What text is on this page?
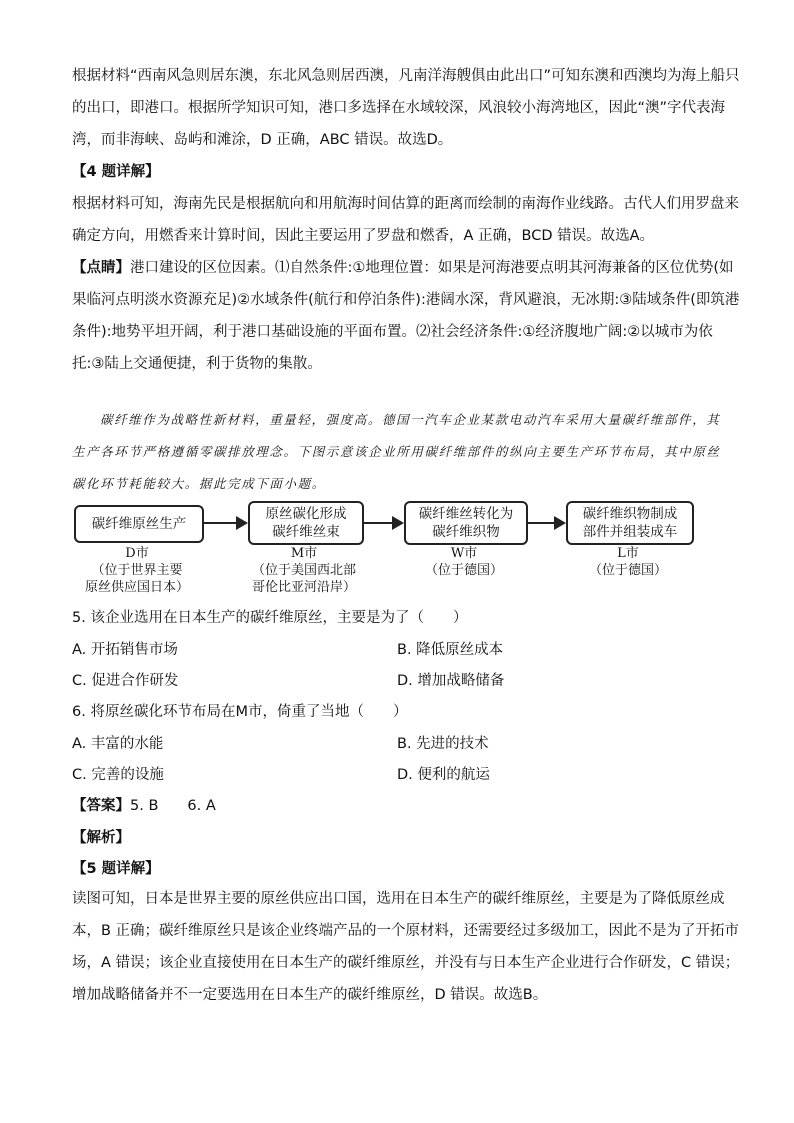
根据材料“西南风急则居东澳，东北风急则居西澳，凡南洋海艘俱由此出口”可知东澳和西澳均为海上船只
的出口，即港口。根据所学知识可知，港口多选择在水域较深，风浪较小海湾地区，因此“澳”字代表海
湾，而非海峡、岛屿和滩涂，D 正确，ABC 错误。故选D。

【4 题详解】

根据材料可知，海南先民是根据航向和用航海时间估算的距离而绘制的南海作业线路。古代人们用罗盘来
确定方向，用燃香来计算时间，因此主要运用了罗盘和燃香，A 正确，BCD 错误。故选A。

【点睛】港口建设的区位因素。⑴自然条件:①地理位置：如果是河海港要点明其河海兼备的区位优势(如
果临河点明淡水资源充足)②水域条件(航行和停泊条件):港阔水深，背风避浪，无冰期:③陆域条件(即筑港
条件):地势平坦开阔，利于港口基础设施的平面布置。⑵社会经济条件:①经济腹地广阔:②以城市为依
托:③陆上交通便捷，利于货物的集散。

碳纤维作为战略性新材料，重量轻，强度高。德国一汽车企业某款电动汽车采用大量碳纤维部件，其
生产各环节严格遵循零碳排放理念。下图示意该企业所用碳纤维部件的纵向主要生产环节布局，其中原丝
碳化环节耗能较大。据此完成下面小题。
碳纤维原丝生产
原丝碳化形成
碳纤维丝束
碳纤维丝转化为
碳纤维织物
碳纤维织物制成
部件并组装成车
D市
（位于世界主要
原丝供应国日本）
M市
（位于美国西北部
哥伦比亚河沿岸）
W市
（位于德国）
L市
（位于德国）
5. 该企业选用在日本生产的碳纤维原丝，主要是为了（　　）
A. 开拓销售市场	B. 降低原丝成本
C. 促进合作研发	D. 增加战略储备
6. 将原丝碳化环节布局在M市，倚重了当地（　　）
A. 丰富的水能	B. 先进的技术
C. 完善的设施	D. 便利的航运
【答案】5. B　　6. A
【解析】
【5 题详解】

读图可知，日本是世界主要的原丝供应出口国，选用在日本生产的碳纤维原丝，主要是为了降低原丝成
本，B 正确；碳纤维原丝只是该企业终端产品的一个原材料，还需要经过多级加工，因此不是为了开拓市
场，A 错误；该企业直接使用在日本生产的碳纤维原丝，并没有与日本生产企业进行合作研发，C 错误；
增加战略储备并不一定要选用在日本生产的碳纤维原丝，D 错误。故选B。
